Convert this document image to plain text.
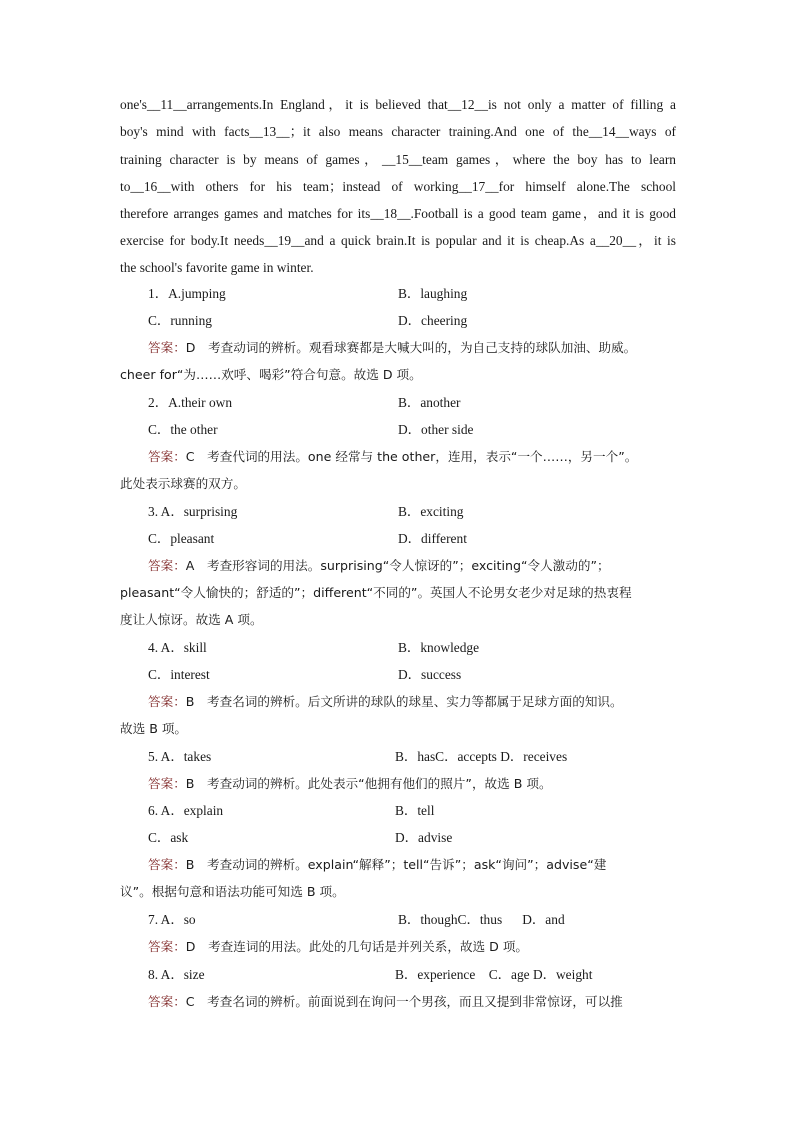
one's__11__arrangements.In England，it is believed that__12__is not only a matter of filling a
boy's mind with facts__13__；it also means character training.And one of the__14__ways of
training character is by means of games，__15__team games，where the boy has to learn
to__16__with others for his team；instead of working__17__for himself alone.The school
therefore arranges games and matches for its__18__.Football is a good team game，and it is good
exercise for body.It needs__19__and a quick brain.It is popular and it is cheap.As a__20__，it is
the school's favorite game in winter.
1．A.jumping	B．laughing
C．running	D．cheering
答案：D　考查动词的辨析。观看球赛都是大喊大叫的，为自己支持的球队加油、助威。
cheer for“为……欢呼、喝彩”符合句意。故选 D 项。
2．A.their own	B．another
C．the other	D．other side
答案：C　考查代词的用法。one 经常与 the other，连用，表示“一个……，另一个”。
此处表示球赛的双方。
3. A．surprising	B．exciting
C．pleasant	D．different
答案：A　考查形容词的用法。surprising“令人惊讶的”；exciting“令人激动的”；
pleasant“令人愉快的；舒适的”；different“不同的”。英国人不论男女老少对足球的热衷程
度让人惊讶。故选 A 项。
4. A．skill	B．knowledge
C．interest	D．success
答案：B　考查名词的辨析。后文所讲的球队的球星、实力等都属于足球方面的知识。
故选 B 项。
5. A．takes	B．hasC．accepts D．receives
答案：B　考查动词的辨析。此处表示“他拥有他们的照片”，故选 B 项。
6. A．explain	B．tell
C．ask	D．advise
答案：B　考查动词的辨析。explain“解释”；tell“告诉”；ask“询问”；advise“建
议”。根据句意和语法功能可知选 B 项。
7. A．so	B．thoughC．thus      D．and
答案：D　考查连词的用法。此处的几句话是并列关系，故选 D 项。
8. A．size	B．experience    C．age D．weight
答案：C　考查名词的辨析。前面说到在询问一个男孩，而且又提到非常惊讶，可以推
